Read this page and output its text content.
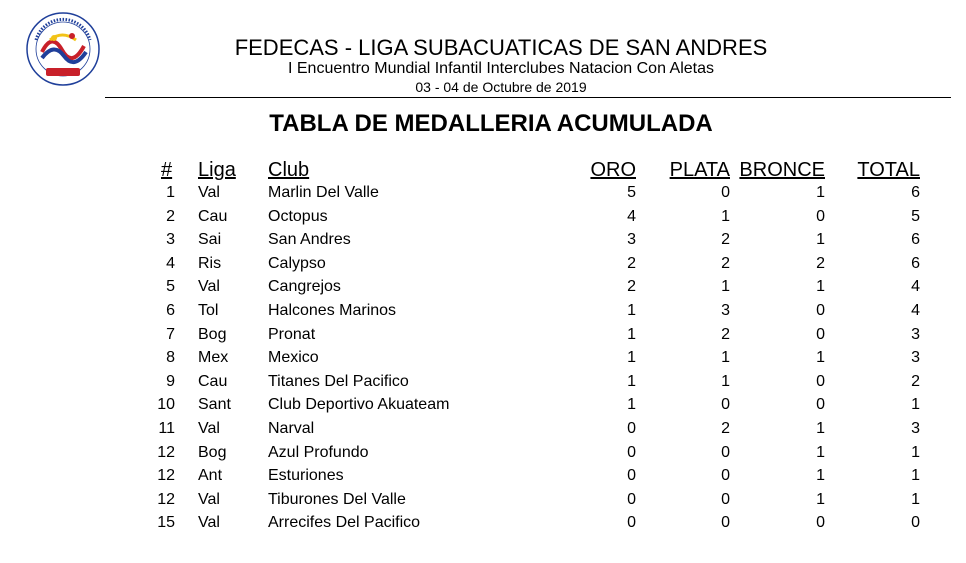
FEDECAS - LIGA SUBACUATICAS DE SAN ANDRES
I Encuentro Mundial Infantil Interclubes Natacion Con Aletas
03 - 04 de Octubre de 2019
TABLA DE MEDALLERIA ACUMULADA
# Liga Club	ORO PLATA BRONCE TOTAL
1 Val	Marlin Del Valle	5	0	1	6
2 Cau	Octopus	4	1	0	5
3 Sai	San Andres	3	2	1	6
4 Ris	Calypso	2	2	2	6
5 Val	Cangrejos	2	1	1	4
6 Tol	Halcones Marinos	1	3	0	4
7 Bog	Pronat	1	2	0	3
8 Mex Mexico	1	1	1	3
9 Cau	Titanes Del Pacifico	1	1	0	2
10 Sant Club Deportivo Akuateam	1	0	0	1
11 Val	Narval	0	2	1	3
12 Bog	Azul Profundo	0	0	1	1
12 Ant	Esturiones	0	0	1	1
12 Val	Tiburones Del Valle	0	0	1	1
15 Val	Arrecifes Del Pacifico	0	0	0	0
